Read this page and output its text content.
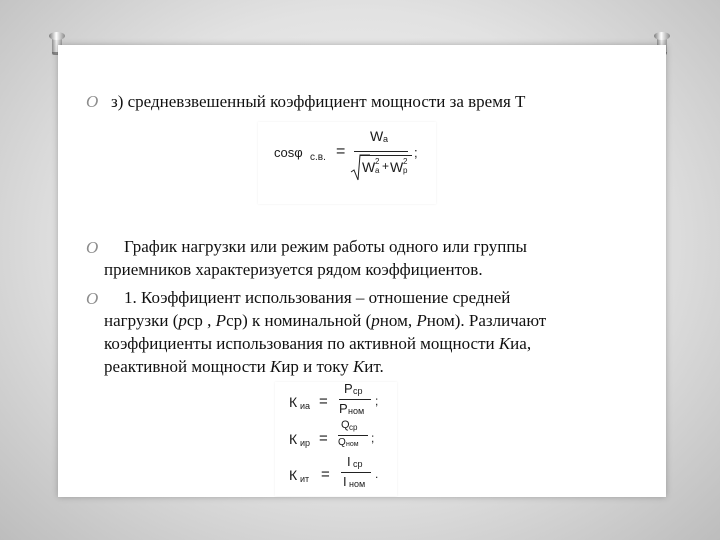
O з) средневзвешенный коэффициент мощности за время Т
cosφ с.в. =
W a
W 2
a + W 2
p
;
O График нагрузки или режим работы одного или группы
приемников характеризуется рядом коэффициентов.
O 1. Коэффициент использования – отношение средней
нагрузки (рср , Рср) к номинальной (рном, Рном). Различают
коэффициенты использования по активной мощности Киа,
реактивной мощности Кир и току Кит.
К иа =
Р ср
Р ном
;
К ир =
Q ср
Q ном ;
К ит =
I ср
I ном
.
